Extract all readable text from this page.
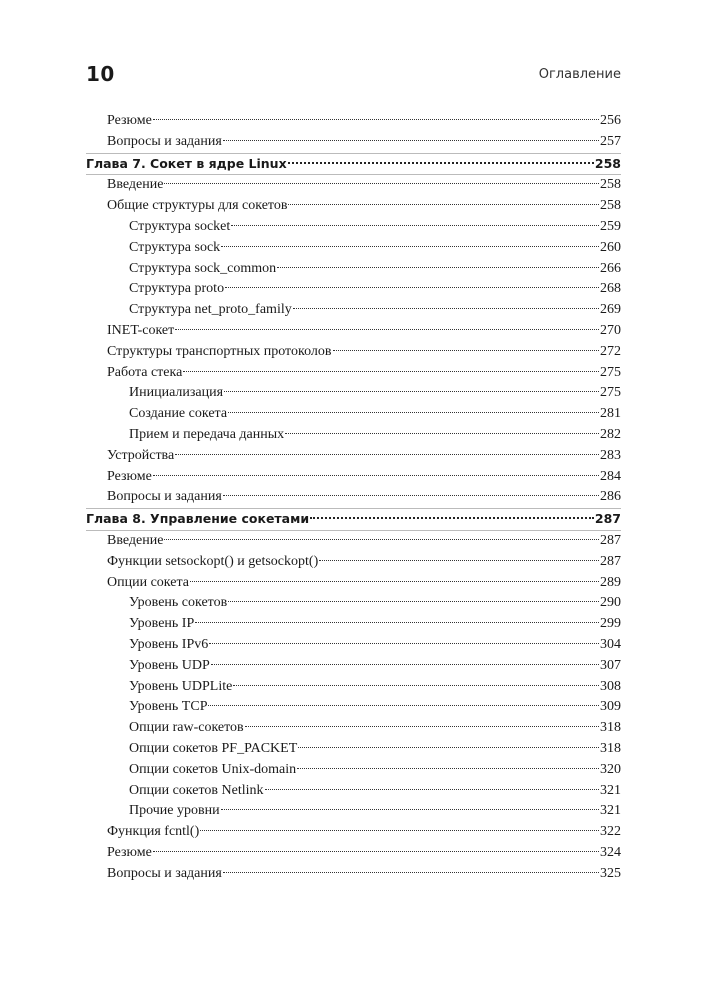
10	Оглавление
Резюме	256
Вопросы и задания	257
Глава 7. Сокет в ядре Linux	258
Введение	258
Общие структуры для сокетов	258
Структура socket	259
Структура sock	260
Структура sock_common	266
Структура proto	268
Структура net_proto_family	269
INET-сокет	270
Структуры транспортных протоколов	272
Работа стека	275
Инициализация	275
Создание сокета	281
Прием и передача данных	282
Устройства	283
Резюме	284
Вопросы и задания	286
Глава 8. Управление сокетами	287
Введение	287
Функции setsockopt() и getsockopt()	287
Опции сокета	289
Уровень сокетов	290
Уровень IP	299
Уровень IPv6	304
Уровень UDP	307
Уровень UDPLite	308
Уровень TCP	309
Опции raw-сокетов	318
Опции сокетов PF_PACKET	318
Опции сокетов Unix-domain	320
Опции сокетов Netlink	321
Прочие уровни	321
Функция fcntl()	322
Резюме	324
Вопросы и задания	325
